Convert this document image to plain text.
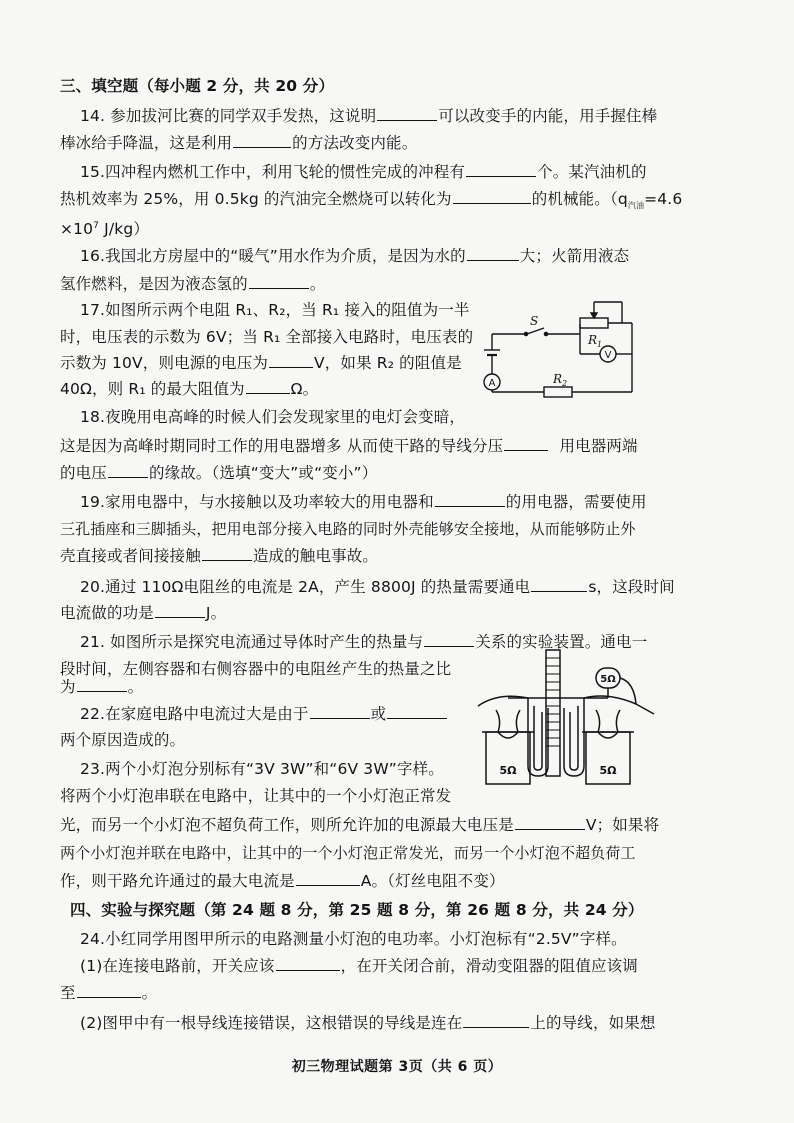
三、填空题（每小题 2 分，共 20 分）
14. 参加拔河比赛的同学双手发热，这说明	可以改变手的内能，用手握住棒
棒冰给手降温，这是利用	的方法改变内能。
15.四冲程内燃机工作中，利用飞轮的惯性完成的冲程有	个。某汽油机的
热机效率为 25%，用 0.5kg 的汽油完全燃烧可以转化为	的机械能。（$q_{汽油}=4.6$
$\times 10^7$ J/kg）
16.我国北方房屋中的“暖气”用水作为介质，是因为水的	大；火箭用液态
氢作燃料，是因为液态氢的	。
17.如图所示两个电阻 R₁、R₂，当 R₁ 接入的阻值为一半
时，电压表的示数为 6V；当 R₁ 全部接入电路时，电压表的
示数为 10V，则电源的电压为	V，如果 R₂ 的阻值是
40Ω，则 R₁ 的最大阻值为	Ω。
S
$R_1$
$R_2$
V
A
18.夜晚用电高峰的时候人们会发现家里的电灯会变暗，
这是因为高峰时期同时工作的用电器增多 从而使干路的导线分压	用电器两端
的电压	的缘故。（选填“变大”或“变小”）
19.家用电器中，与水接触以及功率较大的用电器和	的用电器，需要使用
三孔插座和三脚插头，把用电部分接入电路的同时外壳能够安全接地，从而能够防止外
壳直接或者间接接触	造成的触电事故。
20.通过 110Ω电阻丝的电流是 2A，产生 8800J 的热量需要通电	s，这段时间
电流做的功是	J。
21. 如图所示是探究电流通过导体时产生的热量与	关系的实验装置。通电一
段时间，左侧容器和右侧容器中的电阻丝产生的热量之比
为	。
5Ω	5Ω
5Ω
22.在家庭电路中电流过大是由于	或
两个原因造成的。
23.两个小灯泡分别标有“3V 3W”和“6V 3W”字样。
将两个小灯泡串联在电路中，让其中的一个小灯泡正常发
光，而另一个小灯泡不超负荷工作，则所允许加的电源最大电压是	V；如果将
两个小灯泡并联在电路中，让其中的一个小灯泡正常发光，而另一个小灯泡不超负荷工
作，则干路允许通过的最大电流是	A。（灯丝电阻不变）
四、实验与探究题（第 24 题 8 分，第 25 题 8 分，第 26 题 8 分，共 24 分）
24.小红同学用图甲所示的电路测量小灯泡的电功率。小灯泡标有“2.5V”字样。
(1)在连接电路前，开关应该	，在开关闭合前，滑动变阻器的阻值应该调
至	。
(2)图甲中有一根导线连接错误，这根错误的导线是连在	上的导线，如果想
初三物理试题第 3页（共 6 页）
